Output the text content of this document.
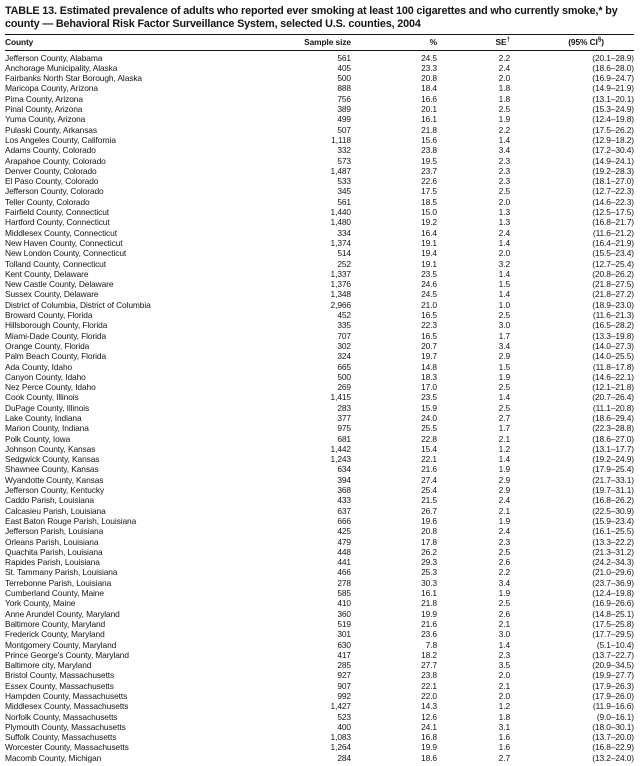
TABLE 13. Estimated prevalence of adults who reported ever smoking at least 100 cigarettes and who currently smoke,* by county — Behavioral Risk Factor Surveillance System, selected U.S. counties, 2004

County	Sample size	%	SE†	(95% CI§)
Jefferson County, Alabama	561	24.5	2.2	(20.1–28.9)
Anchorage Municipality, Alaska	405	23.3	2.4	(18.6–28.0)
Fairbanks North Star Borough, Alaska	500	20.8	2.0	(16.9–24.7)
Maricopa County, Arizona	888	18.4	1.8	(14.9–21.9)
Pima County, Arizona	756	16.6	1.8	(13.1–20.1)
Pinal County, Arizona	389	20.1	2.5	(15.3–24.9)
Yuma County, Arizona	499	16.1	1.9	(12.4–19.8)
Pulaski County, Arkansas	507	21.8	2.2	(17.5–26.2)
Los Angeles County, California	1,118	15.6	1.4	(12.9–18.2)
Adams County, Colorado	332	23.8	3.4	(17.2–30.4)
Arapahoe County, Colorado	573	19.5	2.3	(14.9–24.1)
Denver County, Colorado	1,487	23.7	2.3	(19.2–28.3)
El Paso County, Colorado	533	22.6	2.3	(18.1–27.0)
Jefferson County, Colorado	345	17.5	2.5	(12.7–22.3)
Teller County, Colorado	561	18.5	2.0	(14.6–22.3)
Fairfield County, Connecticut	1,440	15.0	1.3	(12.5–17.5)
Hartford County, Connecticut	1,480	19.2	1.3	(16.8–21.7)
Middlesex County, Connecticut	334	16.4	2.4	(11.6–21.2)
New Haven County, Connecticut	1,374	19.1	1.4	(16.4–21.9)
New London County, Connecticut	514	19.4	2.0	(15.5–23.4)
Tolland County, Connecticut	252	19.1	3.2	(12.7–25.4)
Kent County, Delaware	1,337	23.5	1.4	(20.8–26.2)
New Castle County, Delaware	1,376	24.6	1.5	(21.8–27.5)
Sussex County, Delaware	1,348	24.5	1.4	(21.8–27.2)
District of Columbia, District of Columbia	2,966	21.0	1.0	(18.9–23.0)
Broward County, Florida	452	16.5	2.5	(11.6–21.3)
Hillsborough County, Florida	335	22.3	3.0	(16.5–28.2)
Miami-Dade County, Florida	707	16.5	1.7	(13.3–19.8)
Orange County, Florida	302	20.7	3.4	(14.0–27.3)
Palm Beach County, Florida	324	19.7	2.9	(14.0–25.5)
Ada County, Idaho	665	14.8	1.5	(11.8–17.8)
Canyon County, Idaho	500	18.3	1.9	(14.6–22.1)
Nez Perce County, Idaho	269	17.0	2.5	(12.1–21.8)
Cook County, Illinois	1,415	23.5	1.4	(20.7–26.4)
DuPage County, Illinois	283	15.9	2.5	(11.1–20.8)
Lake County, Indiana	377	24.0	2.7	(18.6–29.4)
Marion County, Indiana	975	25.5	1.7	(22.3–28.8)
Polk County, Iowa	681	22.8	2.1	(18.6–27.0)
Johnson County, Kansas	1,442	15.4	1.2	(13.1–17.7)
Sedgwick County, Kansas	1,243	22.1	1.4	(19.2–24.9)
Shawnee County, Kansas	634	21.6	1.9	(17.9–25.4)
Wyandotte County, Kansas	394	27.4	2.9	(21.7–33.1)
Jefferson County, Kentucky	368	25.4	2.9	(19.7–31.1)
Caddo Parish, Louisiana	433	21.5	2.4	(16.8–26.2)
Calcasieu Parish, Louisiana	637	26.7	2.1	(22.5–30.9)
East Baton Rouge Parish, Louisiana	666	19.6	1.9	(15.9–23.4)
Jefferson Parish, Louisiana	425	20.8	2.4	(16.1–25.5)
Orleans Parish, Louisiana	479	17.8	2.3	(13.3–22.2)
Quachita Parish, Louisiana	448	26.2	2.5	(21.3–31.2)
Rapides Parish, Louisiana	441	29.3	2.6	(24.2–34.3)
St. Tammany Parish, Louisiana	466	25.3	2.2	(21.0–29.6)
Terrebonne Parish, Louisiana	278	30.3	3.4	(23.7–36.9)
Cumberland County, Maine	585	16.1	1.9	(12.4–19.8)
York County, Maine	410	21.8	2.5	(16.9–26.6)
Anne Arundel County, Maryland	360	19.9	2.6	(14.8–25.1)
Baltimore County, Maryland	519	21.6	2.1	(17.5–25.8)
Frederick County, Maryland	301	23.6	3.0	(17.7–29.5)
Montgomery County, Maryland	630	7.8	1.4	(5.1–10.4)
Prince George's County, Maryland	417	18.2	2.3	(13.7–22.7)
Baltimore city, Maryland	285	27.7	3.5	(20.9–34.5)
Bristol County, Massachusetts	927	23.8	2.0	(19.9–27.7)
Essex County, Massachusetts	907	22.1	2.1	(17.9–26.3)
Hampden County, Massachusetts	992	22.0	2.0	(17.9–26.0)
Middlesex County, Massachusetts	1,427	14.3	1.2	(11.9–16.6)
Norfolk County, Massachusetts	523	12.6	1.8	(9.0–16.1)
Plymouth County, Massachusetts	400	24.1	3.1	(18.0–30.1)
Suffolk County, Massachusetts	1,083	16.8	1.6	(13.7–20.0)
Worcester County, Massachusetts	1,264	19.9	1.6	(16.8–22.9)
Macomb County, Michigan	284	18.6	2.7	(13.2–24.0)
